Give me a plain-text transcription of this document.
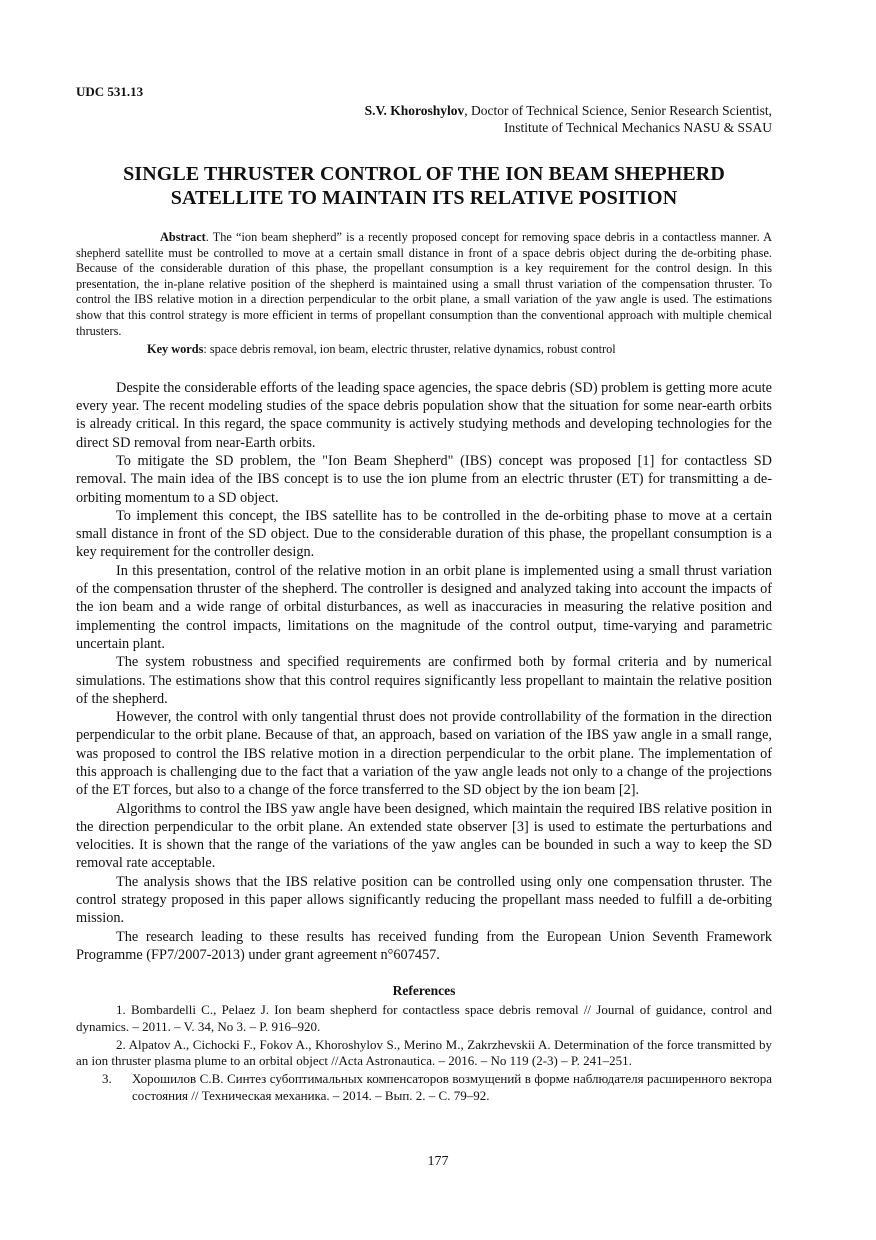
UDC 531.13

S.V. Khoroshylov, Doctor of Technical Science, Senior Research Scientist,
Institute of Technical Mechanics NASU & SSAU
SINGLE THRUSTER CONTROL OF THE ION BEAM SHEPHERD
SATELLITE TO MAINTAIN ITS RELATIVE POSITION

Abstract. The “ion beam shepherd” is a recently proposed concept for removing space debris in a contactless manner. A shepherd satellite must be controlled to move at a certain small distance in front of a space debris object during the de-orbiting phase. Because of the considerable duration of this phase, the propellant consumption is a key requirement for the control design. In this presentation, the in-plane relative position of the shepherd is maintained using a small thrust variation of the compensation thruster. To control the IBS relative motion in a direction perpendicular to the orbit plane, a small variation of the yaw angle is used. The estimations show that this control strategy is more efficient in terms of propellant consumption than the conventional approach with multiple chemical thrusters.

Key words: space debris removal, ion beam, electric thruster, relative dynamics, robust control

Despite the considerable efforts of the leading space agencies, the space debris (SD) problem is getting more acute every year. The recent modeling studies of the space debris population show that the situation for some near-earth orbits is already critical. In this regard, the space community is actively studying methods and developing technologies for the direct SD removal from near-Earth orbits.

To mitigate the SD problem, the "Ion Beam Shepherd" (IBS) concept was proposed [1] for contactless SD removal. The main idea of the IBS concept is to use the ion plume from an electric thruster (ET) for transmitting a de-orbiting momentum to a SD object.

To implement this concept, the IBS satellite has to be controlled in the de-orbiting phase to move at a certain small distance in front of the SD object. Due to the considerable duration of this phase, the propellant consumption is a key requirement for the controller design.

In this presentation, control of the relative motion in an orbit plane is implemented using a small thrust variation of the compensation thruster of the shepherd. The controller is designed and analyzed taking into account the impacts of the ion beam and a wide range of orbital disturbances, as well as inaccuracies in measuring the relative position and implementing the control impacts, limitations on the magnitude of the control output, time-varying and parametric uncertain plant.

The system robustness and specified requirements are confirmed both by formal criteria and by numerical simulations. The estimations show that this control requires significantly less propellant to maintain the relative position of the shepherd.

However, the control with only tangential thrust does not provide controllability of the formation in the direction perpendicular to the orbit plane. Because of that, an approach, based on variation of the IBS yaw angle in a small range, was proposed to control the IBS relative motion in a direction perpendicular to the orbit plane. The implementation of this approach is challenging due to the fact that a variation of the yaw angle leads not only to a change of the projections of the ET forces, but also to a change of the force transferred to the SD object by the ion beam [2].

Algorithms to control the IBS yaw angle have been designed, which maintain the required IBS relative position in the direction perpendicular to the orbit plane. An extended state observer [3] is used to estimate the perturbations and velocities. It is shown that the range of the variations of the yaw angles can be bounded in such a way to keep the SD removal rate acceptable.

The analysis shows that the IBS relative position can be controlled using only one compensation thruster. The control strategy proposed in this paper allows significantly reducing the propellant mass needed to fulfill a de-orbiting mission.

The research leading to these results has received funding from the European Union Seventh Framework Programme (FP7/2007-2013) under grant agreement n°607457.

References

1. Bombardelli C., Pelaez J. Ion beam shepherd for contactless space debris removal // Journal of guidance, control and dynamics. – 2011. – V. 34, No 3. – P. 916–920.

2. Alpatov A., Cichocki F., Fokov A., Khoroshylov S., Merino M., Zakrzhevskii A. Determination of the force transmitted by an ion thruster plasma plume to an orbital object //Acta Astronautica. – 2016. – No 119 (2-3) – P. 241–251.

3. Хорошилов С.В. Синтез субоптимальных компенсаторов возмущений в форме наблюдателя расширенного вектора состояния // Техническая механика. – 2014. – Вып. 2. – С. 79–92.

177
